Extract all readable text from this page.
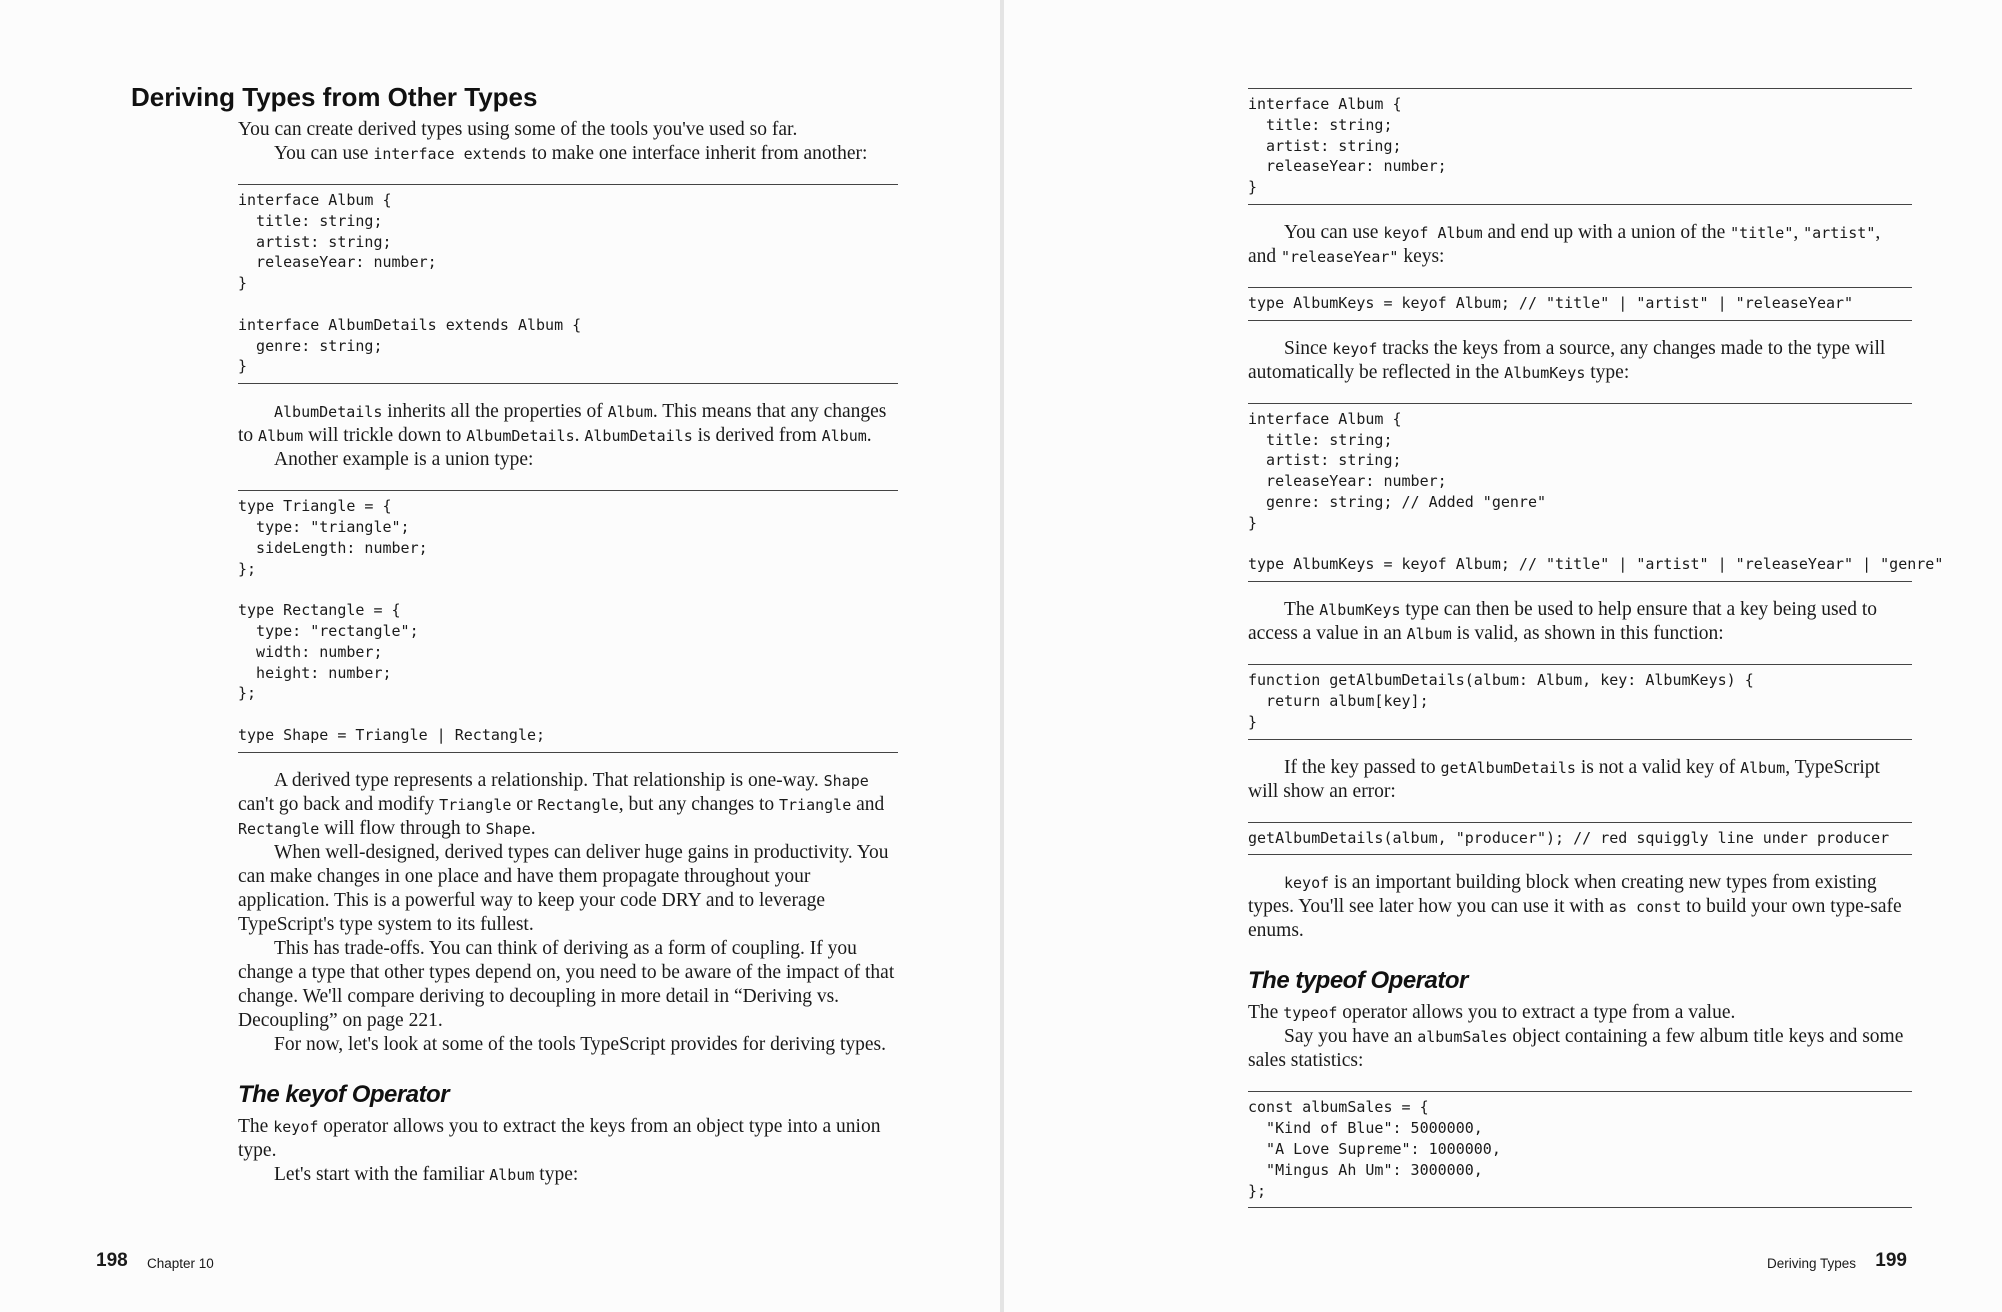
Deriving Types from Other Types

You can create derived types using some of the tools you've used so far.

You can use interface extends to make one interface inherit from another:

interface Album {
title: string;
artist: string;
releaseYear: number;
}
interface AlbumDetails extends Album {
genre: string;
}

AlbumDetails inherits all the properties of Album. This means that any changes to Album will trickle down to AlbumDetails. AlbumDetails is derived from Album.

Another example is a union type:

type Triangle = {
type: "triangle";
sideLength: number;
};
type Rectangle = {
type: "rectangle";
width: number;
height: number;
};
type Shape = Triangle | Rectangle;

A derived type represents a relationship. That relationship is one-way. Shape can't go back and modify Triangle or Rectangle, but any changes to Triangle and Rectangle will flow through to Shape.

When well-designed, derived types can deliver huge gains in productivity. You can make changes in one place and have them propagate throughout your application. This is a powerful way to keep your code DRY and to leverage TypeScript's type system to its fullest.

This has trade-offs. You can think of deriving as a form of coupling. If you change a type that other types depend on, you need to be aware of the impact of that change. We'll compare deriving to decoupling in more detail in “Deriving vs. Decoupling” on page 221.

For now, let's look at some of the tools TypeScript provides for deriving types.

The keyof Operator

The keyof operator allows you to extract the keys from an object type into a union type.

Let's start with the familiar Album type:

198 Chapter 10
interface Album {
title: string;
artist: string;
releaseYear: number;
}

You can use keyof Album and end up with a union of the "title", "artist", and "releaseYear" keys:

type AlbumKeys = keyof Album; // "title" | "artist" | "releaseYear"

Since keyof tracks the keys from a source, any changes made to the type will automatically be reflected in the AlbumKeys type:

interface Album {
title: string;
artist: string;
releaseYear: number;
genre: string; // Added "genre"
}
type AlbumKeys = keyof Album; // "title" | "artist" | "releaseYear" | "genre"

The AlbumKeys type can then be used to help ensure that a key being used to access a value in an Album is valid, as shown in this function:

function getAlbumDetails(album: Album, key: AlbumKeys) {
return album[key];
}

If the key passed to getAlbumDetails is not a valid key of Album, TypeScript will show an error:

getAlbumDetails(album, "producer"); // red squiggly line under producer

keyof is an important building block when creating new types from existing types. You'll see later how you can use it with as const to build your own type-safe enums.

The typeof Operator

The typeof operator allows you to extract a type from a value.

Say you have an albumSales object containing a few album title keys and some sales statistics:

const albumSales = {
"Kind of Blue": 5000000,
"A Love Supreme": 1000000,
"Mingus Ah Um": 3000000,
};
Deriving Types 199
